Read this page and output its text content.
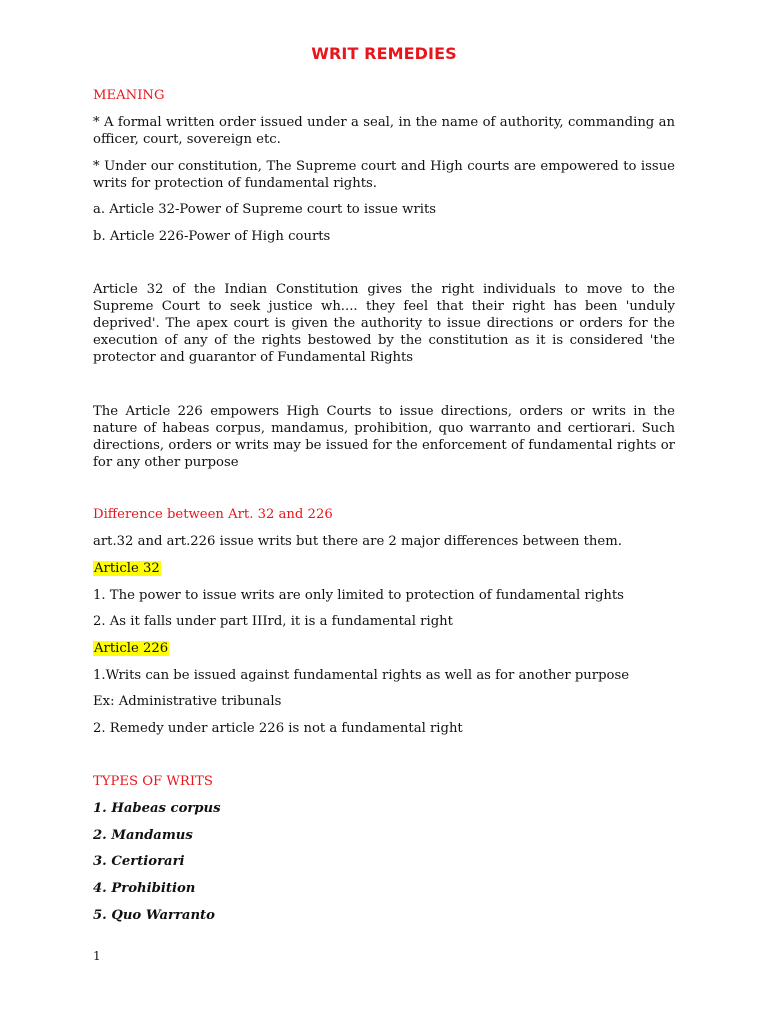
WRIT REMEDIES
MEANING
* A formal written order issued under a seal, in the name of authority, commanding an officer, court, sovereign etc.
* Under our constitution, The Supreme court and High courts are empowered to issue writs for protection of fundamental rights.
a. Article 32-Power of Supreme court to issue writs
b. Article 226-Power of High courts
Article 32 of the Indian Constitution gives the right individuals to move to the Supreme Court to seek justice wh.... they feel that their right has been 'unduly deprived'. The apex court is given the authority to issue directions or orders for the execution of any of the rights bestowed by the constitution as it is considered 'the protector and guarantor of Fundamental Rights
The Article 226 empowers High Courts to issue directions, orders or writs in the nature of habeas corpus, mandamus, prohibition, quo warranto and certiorari. Such directions, orders or writs may be issued for the enforcement of fundamental rights or for any other purpose
Difference between Art. 32 and 226
art.32 and art.226 issue writs but there are 2 major differences between them.
Article 32
1. The power to issue writs are only limited to protection of fundamental rights
2. As it falls under part IIIrd, it is a fundamental right
Article 226
1.Writs can be issued against fundamental rights as well as for another purpose
Ex: Administrative tribunals
2. Remedy under article 226 is not a fundamental right
TYPES OF WRITS
1. Habeas corpus
2. Mandamus
3. Certiorari
4. Prohibition
5. Quo Warranto
1
